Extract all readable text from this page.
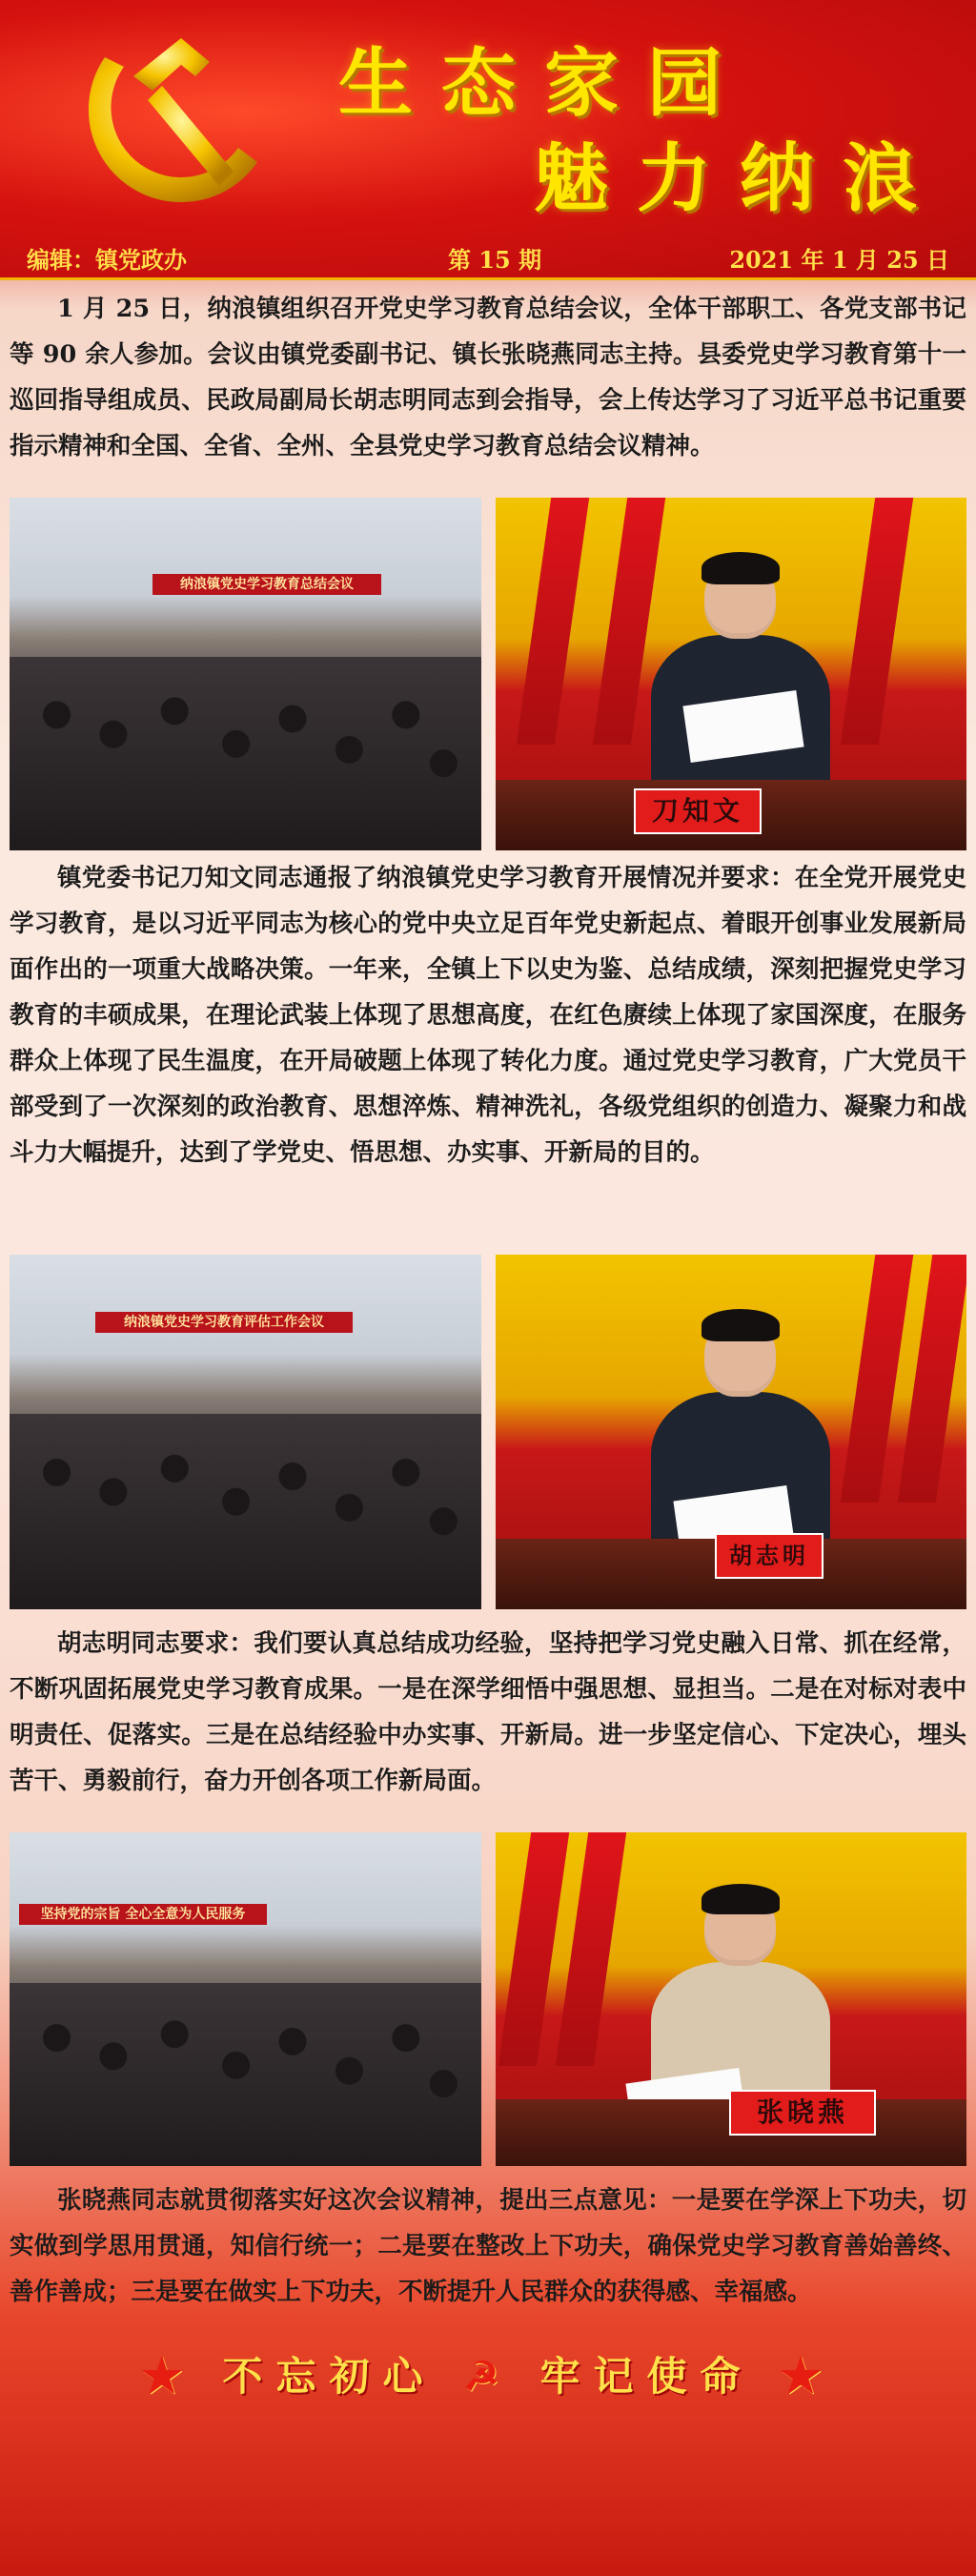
生态家园
魅力纳浪
编辑：镇党政办	第 15 期	2021 年 1 月 25 日

1 月 25 日，纳浪镇组织召开党史学习教育总结会议，全体干部职工、各党支部书记等 90 余人参加。会议由镇党委副书记、镇长张晓燕同志主持。县委党史学习教育第十一巡回指导组成员、民政局副局长胡志明同志到会指导，会上传达学习了习近平总书记重要指示精神和全国、全省、全州、全县党史学习教育总结会议精神。

纳浪镇党史学习教育总结会议
刀知文

镇党委书记刀知文同志通报了纳浪镇党史学习教育开展情况并要求：在全党开展党史学习教育，是以习近平同志为核心的党中央立足百年党史新起点、着眼开创事业发展新局面作出的一项重大战略决策。一年来，全镇上下以史为鉴、总结成绩，深刻把握党史学习教育的丰硕成果，在理论武装上体现了思想高度，在红色赓续上体现了家国深度，在服务群众上体现了民生温度，在开局破题上体现了转化力度。通过党史学习教育，广大党员干部受到了一次深刻的政治教育、思想淬炼、精神洗礼，各级党组织的创造力、凝聚力和战斗力大幅提升，达到了学党史、悟思想、办实事、开新局的目的。

纳浪镇党史学习教育评估工作会议
胡志明

胡志明同志要求：我们要认真总结成功经验，坚持把学习党史融入日常、抓在经常，不断巩固拓展党史学习教育成果。一是在深学细悟中强思想、显担当。二是在对标对表中明责任、促落实。三是在总结经验中办实事、开新局。进一步坚定信心、下定决心，埋头苦干、勇毅前行，奋力开创各项工作新局面。

坚持党的宗旨 全心全意为人民服务
张晓燕

张晓燕同志就贯彻落实好这次会议精神，提出三点意见：一是要在学深上下功夫，切实做到学思用贯通，知信行统一；二是要在整改上下功夫，确保党史学习教育善始善终、善作善成；三是要在做实上下功夫，不断提升人民群众的获得感、幸福感。

★ 不忘初心 ☭ 牢记使命 ★
